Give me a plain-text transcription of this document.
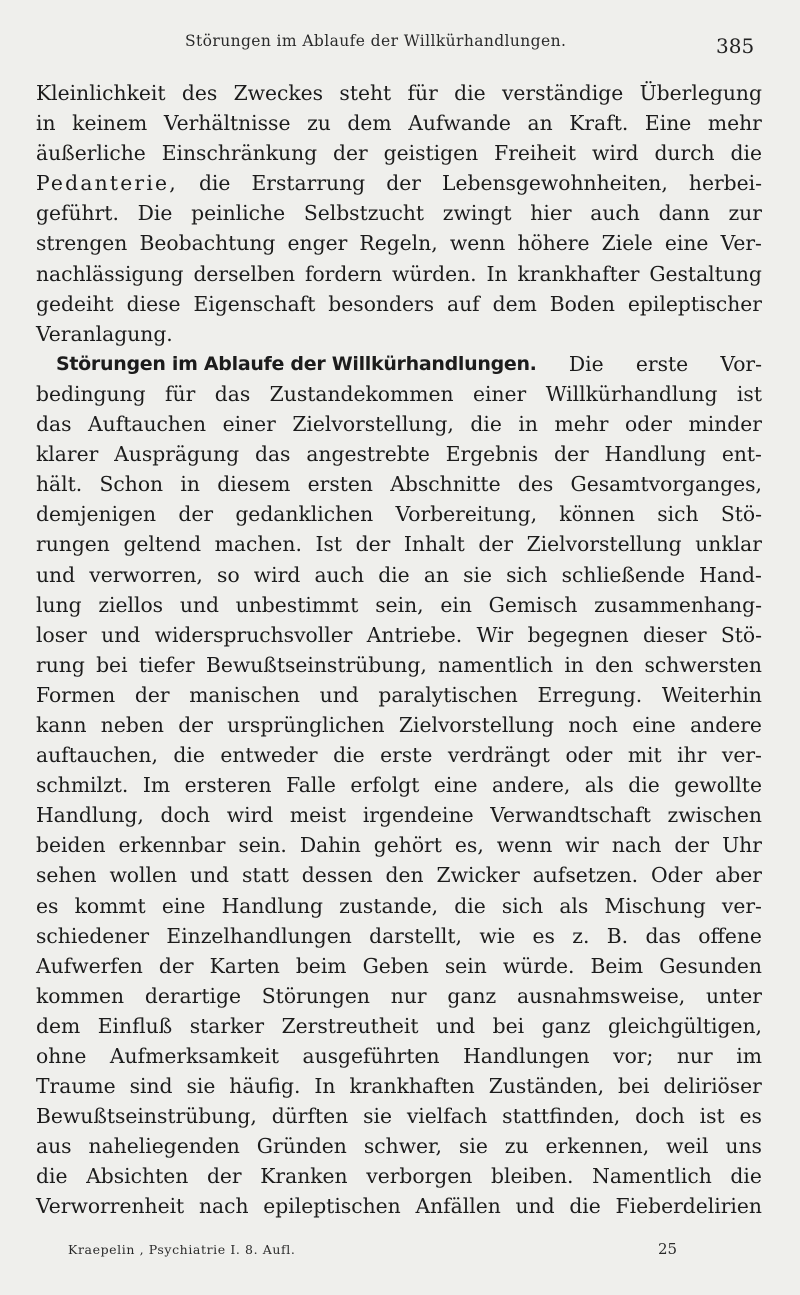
Störungen im Ablaufe der Willkürhandlungen.	385
Kleinlichkeit des Zweckes steht für die verständige Überlegung
in keinem Verhältnisse zu dem Aufwande an Kraft. Eine mehr
äußerliche Einschränkung der geistigen Freiheit wird durch die
Pedanterie, die Erstarrung der Lebensgewohnheiten, herbei-
geführt. Die peinliche Selbstzucht zwingt hier auch dann zur
strengen Beobachtung enger Regeln, wenn höhere Ziele eine Ver-
nachlässigung derselben fordern würden. In krankhafter Gestaltung
gedeiht diese Eigenschaft besonders auf dem Boden epileptischer
Veranlagung.
Störungen im Ablaufe der Willkürhandlungen. Die erste Vor-
bedingung für das Zustandekommen einer Willkürhandlung ist
das Auftauchen einer Zielvorstellung, die in mehr oder minder
klarer Ausprägung das angestrebte Ergebnis der Handlung ent-
hält. Schon in diesem ersten Abschnitte des Gesamtvorganges,
demjenigen der gedanklichen Vorbereitung, können sich Stö-
rungen geltend machen. Ist der Inhalt der Zielvorstellung unklar
und verworren, so wird auch die an sie sich schließende Hand-
lung ziellos und unbestimmt sein, ein Gemisch zusammenhang-
loser und widerspruchsvoller Antriebe. Wir begegnen dieser Stö-
rung bei tiefer Bewußtseinstrübung, namentlich in den schwersten
Formen der manischen und paralytischen Erregung. Weiterhin
kann neben der ursprünglichen Zielvorstellung noch eine andere
auftauchen, die entweder die erste verdrängt oder mit ihr ver-
schmilzt. Im ersteren Falle erfolgt eine andere, als die gewollte
Handlung, doch wird meist irgendeine Verwandtschaft zwischen
beiden erkennbar sein. Dahin gehört es, wenn wir nach der Uhr
sehen wollen und statt dessen den Zwicker aufsetzen. Oder aber
es kommt eine Handlung zustande, die sich als Mischung ver-
schiedener Einzelhandlungen darstellt, wie es z. B. das offene
Aufwerfen der Karten beim Geben sein würde. Beim Gesunden
kommen derartige Störungen nur ganz ausnahmsweise, unter
dem Einfluß starker Zerstreutheit und bei ganz gleichgültigen,
ohne Aufmerksamkeit ausgeführten Handlungen vor; nur im
Traume sind sie häufig. In krankhaften Zuständen, bei deliriöser
Bewußtseinstrübung, dürften sie vielfach stattfinden, doch ist es
aus naheliegenden Gründen schwer, sie zu erkennen, weil uns
die Absichten der Kranken verborgen bleiben. Namentlich die
Verworrenheit nach epileptischen Anfällen und die Fieberdelirien
Kraepelin , Psychiatrie I. 8. Aufl.	25
